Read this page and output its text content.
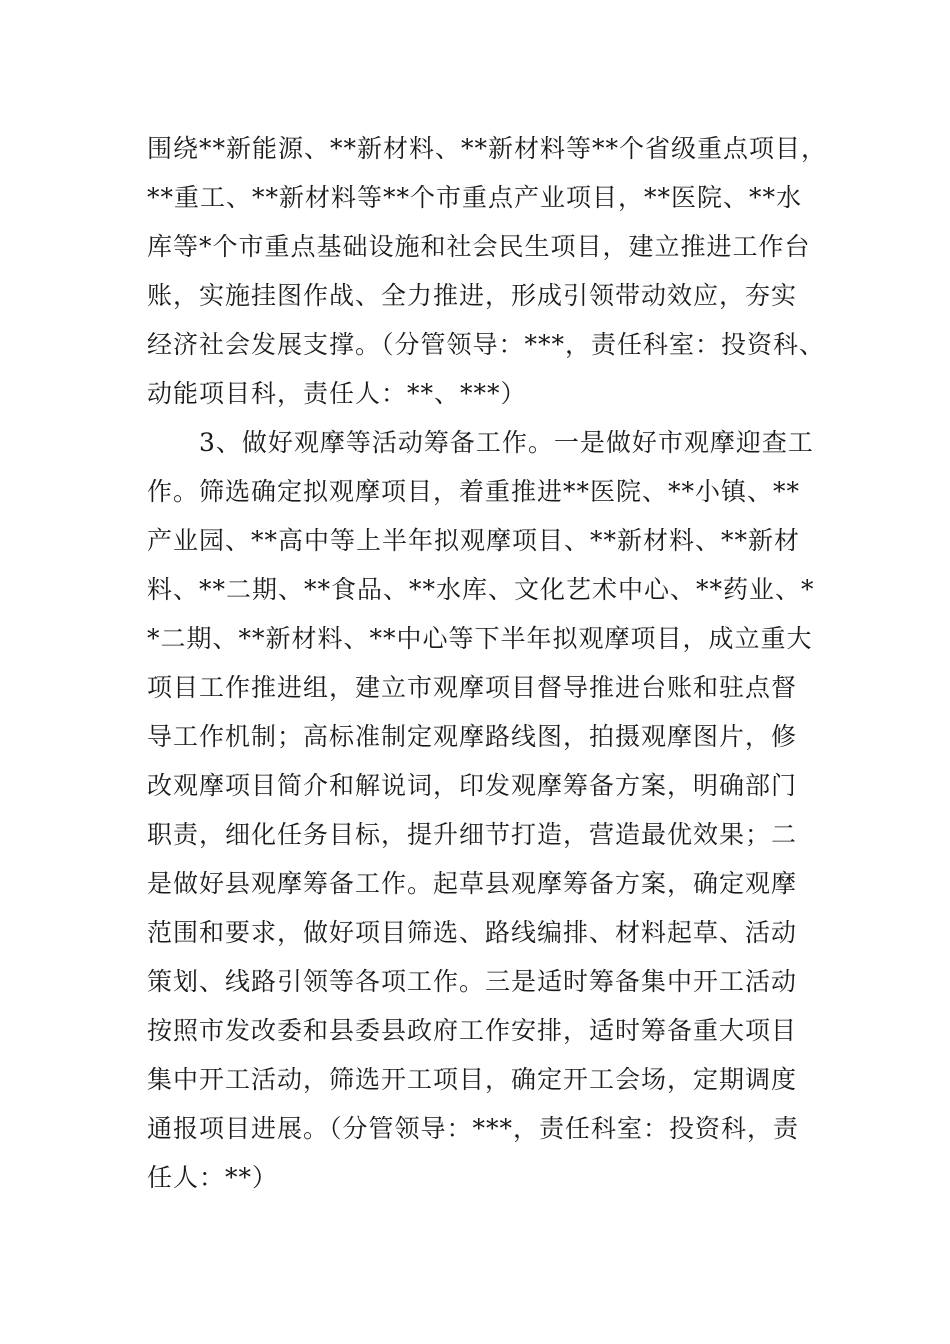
围绕**新能源、**新材料、**新材料等**个省级重点项目，
**重工、**新材料等**个市重点产业项目，**医院、**水
库等*个市重点基础设施和社会民生项目，建立推进工作台
账，实施挂图作战、全力推进，形成引领带动效应，夯实
经济社会发展支撑。（分管领导：***，责任科室：投资科、
动能项目科，责任人：**、***）
3、做好观摩等活动筹备工作。一是做好市观摩迎查工
作。筛选确定拟观摩项目，着重推进**医院、**小镇、**
产业园、**高中等上半年拟观摩项目、**新材料、**新材
料、**二期、**食品、**水库、文化艺术中心、**药业、*
*二期、**新材料、**中心等下半年拟观摩项目，成立重大
项目工作推进组，建立市观摩项目督导推进台账和驻点督
导工作机制；高标准制定观摩路线图，拍摄观摩图片，修
改观摩项目简介和解说词，印发观摩筹备方案，明确部门
职责，细化任务目标，提升细节打造，营造最优效果；二
是做好县观摩筹备工作。起草县观摩筹备方案，确定观摩
范围和要求，做好项目筛选、路线编排、材料起草、活动
策划、线路引领等各项工作。三是适时筹备集中开工活动
按照市发改委和县委县政府工作安排，适时筹备重大项目
集中开工活动，筛选开工项目，确定开工会场，定期调度
通报项目进展。（分管领导：***，责任科室：投资科，责
任人：**）
